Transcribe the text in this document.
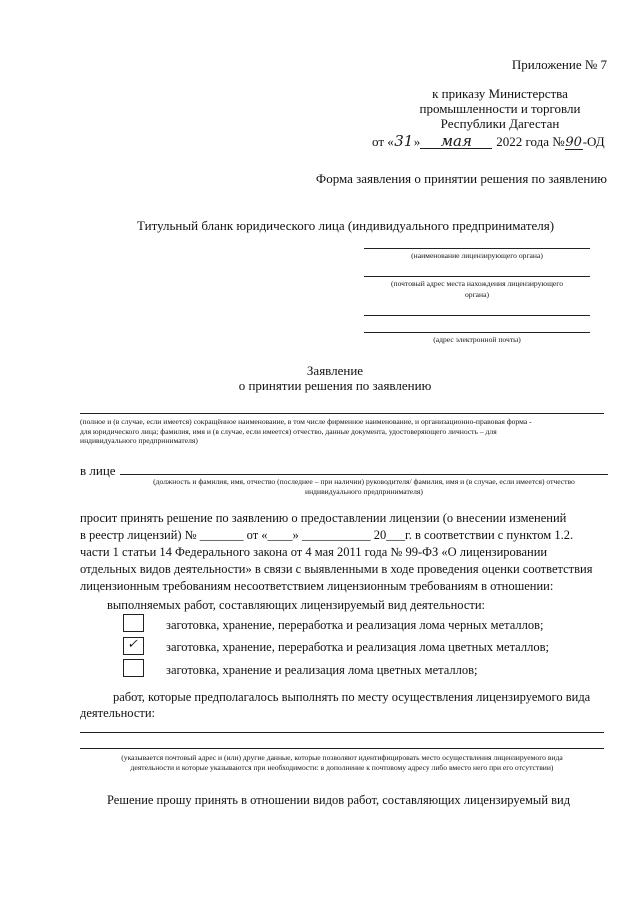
Приложение № 7
к приказу Министерства
промышленности и торговли
Республики Дагестан
от «31» мая 2022 года №90-ОД
Форма заявления о принятии решения по заявлению
Титульный бланк юридического лица (индивидуального предпринимателя)
(наименование лицензирующего органа)
(почтовый адрес места нахождения лицензирующего
органа)
(адрес электронной почты)
Заявление
о принятии решения по заявлению
(полное и (в случае, если имеется) сокращённое наименование, в том числе фирменное наименование, и организационно-правовая форма -
для юридического лица; фамилия, имя и (в случае, если имеется) отчество, данные документа, удостоверяющего личность – для
индивидуального предпринимателя)
в лице
(должность и фамилия, имя, отчество (последнее – при наличии) руководителя/ фамилия, имя и (в случае, если имеется) отчество
индивидуального предпринимателя)
просит принять решение по заявлению о предоставлении лицензии (о внесении изменений
в реестр лицензий) № _______ от «____» ___________ 20___г. в соответствии с пунктом 1.2.
части 1 статьи 14 Федерального закона от 4 мая 2011 года № 99-ФЗ «О лицензировании
отдельных видов деятельности» в связи с выявленными в ходе проведения оценки соответствия
лицензионным требованиям несоответствием лицензионным требованиям в отношении:
выполняемых работ, составляющих лицензируемый вид деятельности:
заготовка, хранение, переработка и реализация лома черных металлов;
✓ заготовка, хранение, переработка и реализация лома цветных металлов;
заготовка, хранение и реализация лома цветных металлов;
работ, которые предполагалось выполнять по месту осуществления лицензируемого вида
деятельности:
(указывается почтовый адрес и (или) другие данные, которые позволяют идентифицировать место осуществления лицензируемого вида
деятельности и которые указываются при необходимости: в дополнение к почтовому адресу либо вместо него при его отсутствии)
Решение прошу принять в отношении видов работ, составляющих лицензируемый вид
